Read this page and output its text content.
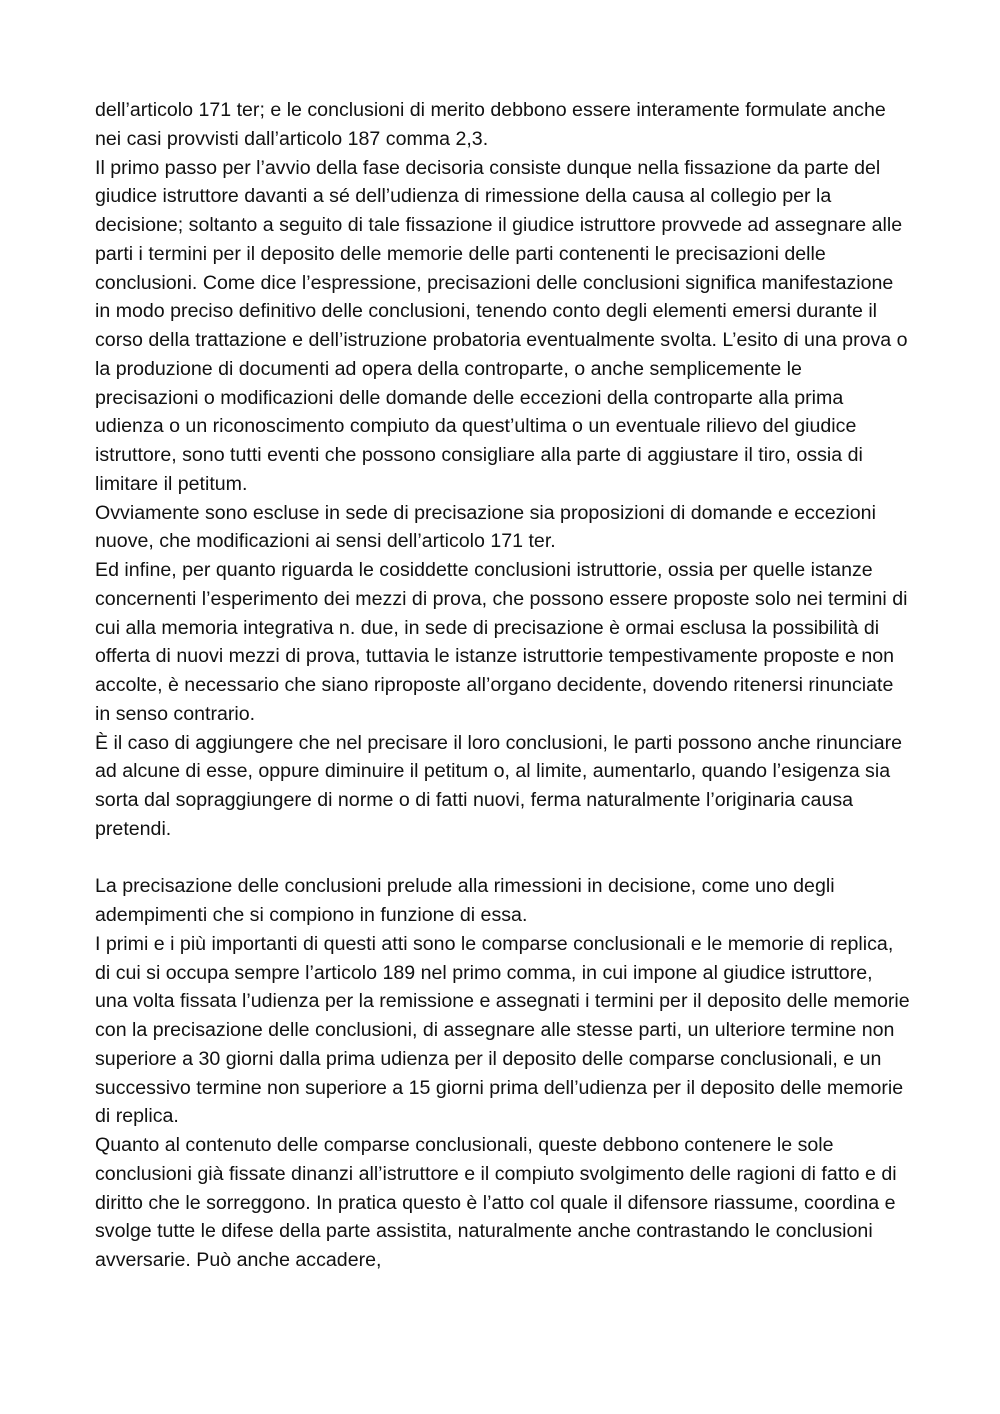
dell’articolo 171 ter; e le conclusioni di merito debbono essere interamente formulate anche nei casi provvisti dall’articolo 187 comma 2,3.

Il primo passo per l’avvio della fase decisoria consiste dunque nella fissazione da parte del giudice istruttore davanti a sé dell’udienza di rimessione della causa al collegio per la decisione; soltanto a seguito di tale fissazione il giudice istruttore provvede ad assegnare alle parti i termini per il deposito delle memorie delle parti contenenti le precisazioni delle conclusioni. Come dice l’espressione, precisazioni delle conclusioni significa manifestazione in modo preciso definitivo delle conclusioni, tenendo conto degli elementi emersi durante il corso della trattazione e dell’istruzione probatoria eventualmente svolta. L’esito di una prova o la produzione di documenti ad opera della controparte, o anche semplicemente le precisazioni o modificazioni delle domande delle eccezioni della controparte alla prima udienza o un riconoscimento compiuto da quest’ultima o un eventuale rilievo del giudice istruttore, sono tutti eventi che possono consigliare alla parte di aggiustare il tiro, ossia di limitare il petitum.

Ovviamente sono escluse in sede di precisazione sia proposizioni di domande e eccezioni nuove, che modificazioni ai sensi dell’articolo 171 ter.

Ed infine, per quanto riguarda le cosiddette conclusioni istruttorie, ossia per quelle istanze concernenti l’esperimento dei mezzi di prova, che possono essere proposte solo nei termini di cui alla memoria integrativa n. due, in sede di precisazione è ormai esclusa la possibilità di offerta di nuovi mezzi di prova, tuttavia le istanze istruttorie tempestivamente proposte e non accolte, è necessario che siano riproposte all’organo decidente, dovendo ritenersi rinunciate in senso contrario.

È il caso di aggiungere che nel precisare il loro conclusioni, le parti possono anche rinunciare ad alcune di esse, oppure diminuire il petitum o, al limite, aumentarlo, quando l’esigenza sia sorta dal sopraggiungere di norme o di fatti nuovi, ferma naturalmente l’originaria causa pretendi.

La precisazione delle conclusioni prelude alla rimessioni in decisione, come uno degli adempimenti che si compiono in funzione di essa.

I primi e i più importanti di questi atti sono le comparse conclusionali e le memorie di replica, di cui si occupa sempre l’articolo 189 nel primo comma, in cui impone al giudice istruttore, una volta fissata l’udienza per la remissione e assegnati i termini per il deposito delle memorie con la precisazione delle conclusioni, di assegnare alle stesse parti, un ulteriore termine non superiore a 30 giorni dalla prima udienza per il deposito delle comparse conclusionali, e un successivo termine non superiore a 15 giorni prima dell’udienza per il deposito delle memorie di replica.

Quanto al contenuto delle comparse conclusionali, queste debbono contenere le sole conclusioni già fissate dinanzi all’istruttore e il compiuto svolgimento delle ragioni di fatto e di diritto che le sorreggono. In pratica questo è l’atto col quale il difensore riassume, coordina e svolge tutte le difese della parte assistita, naturalmente anche contrastando le conclusioni avversarie. Può anche accadere,
